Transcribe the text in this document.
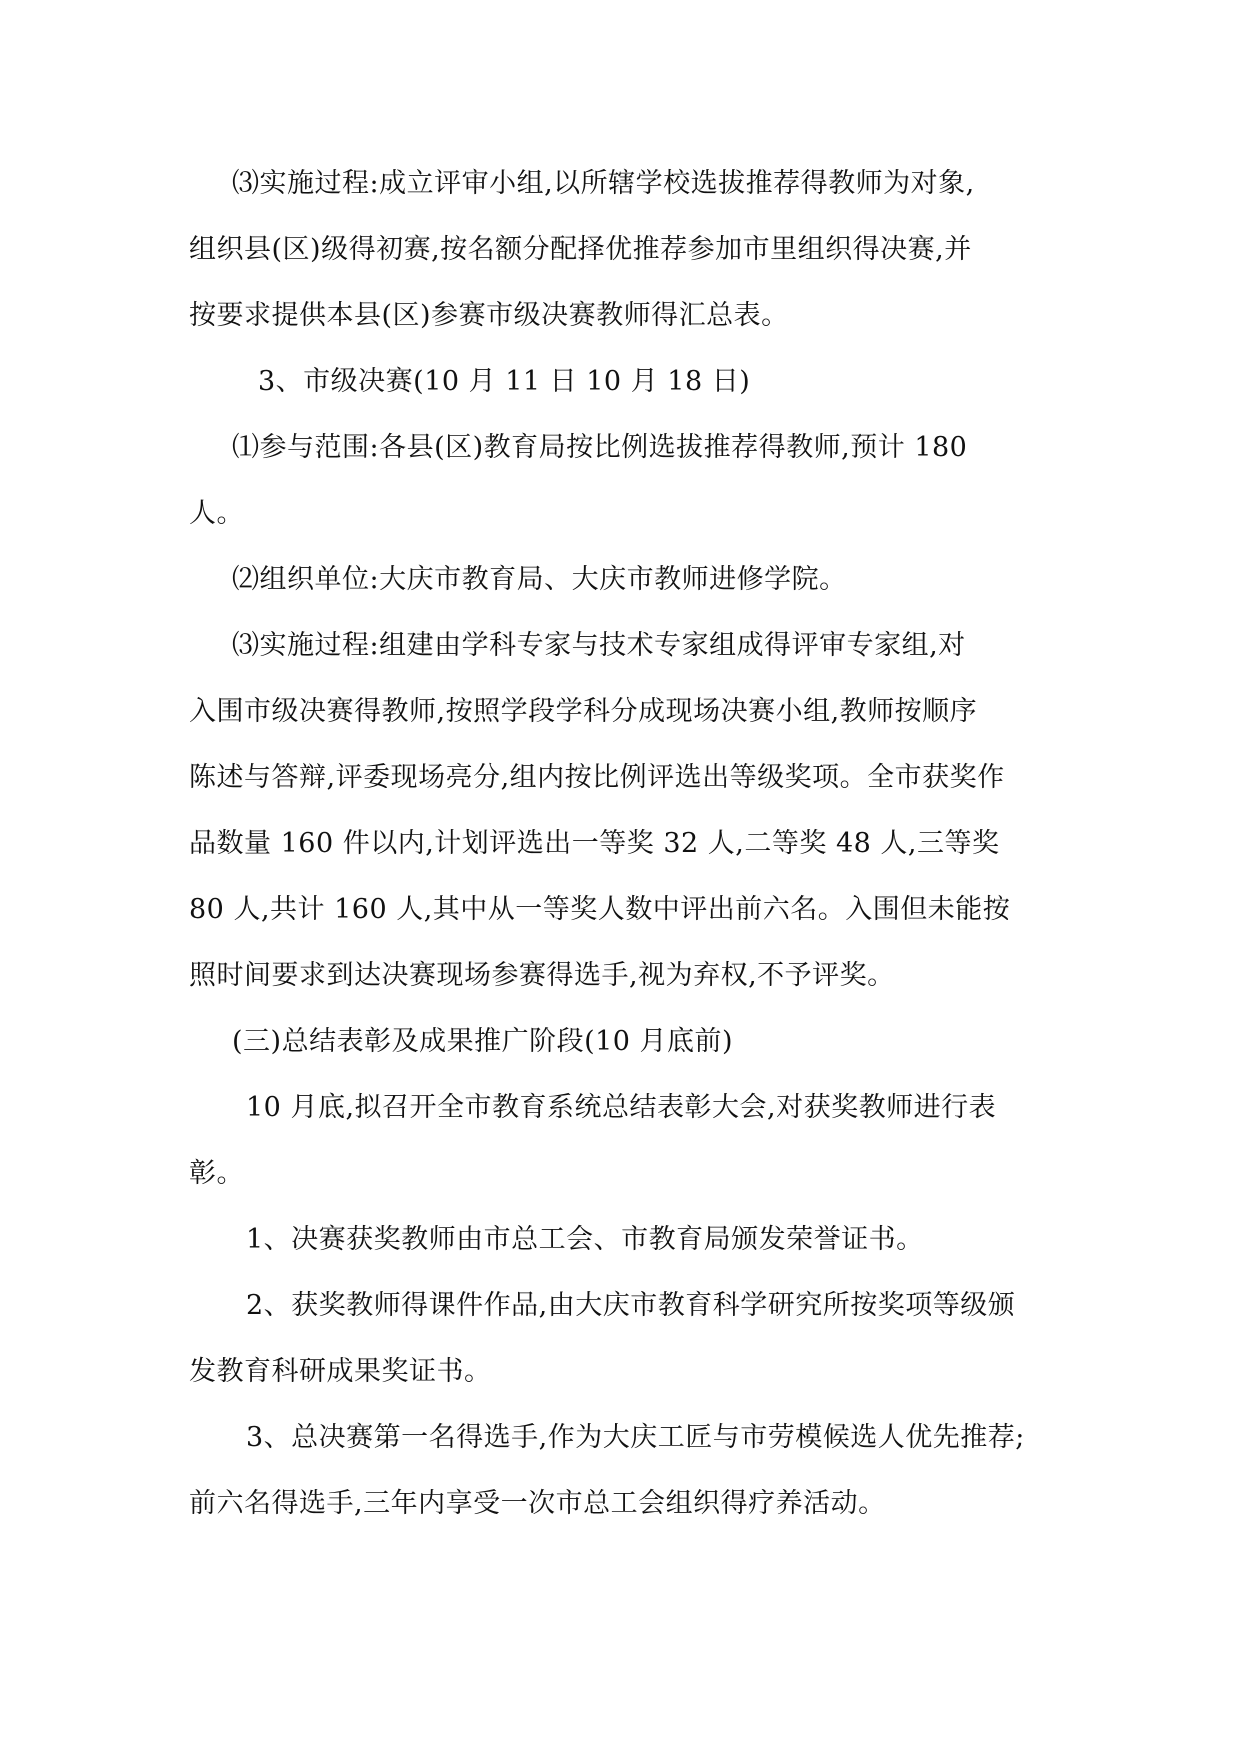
⑶实施过程:成立评审小组,以所辖学校选拔推荐得教师为对象,

组织县(区)级得初赛,按名额分配择优推荐参加市里组织得决赛,并

按要求提供本县(区)参赛市级决赛教师得汇总表。

3、市级决赛(10 月 11 日 10 月 18 日)

⑴参与范围:各县(区)教育局按比例选拔推荐得教师,预计 180

人。

⑵组织单位:大庆市教育局、大庆市教师进修学院。

⑶实施过程:组建由学科专家与技术专家组成得评审专家组,对

入围市级决赛得教师,按照学段学科分成现场决赛小组,教师按顺序

陈述与答辩,评委现场亮分,组内按比例评选出等级奖项。全市获奖作

品数量 160 件以内,计划评选出一等奖 32 人,二等奖 48 人,三等奖

80 人,共计 160 人,其中从一等奖人数中评出前六名。入围但未能按

照时间要求到达决赛现场参赛得选手,视为弃权,不予评奖。

(三)总结表彰及成果推广阶段(10 月底前)

10 月底,拟召开全市教育系统总结表彰大会,对获奖教师进行表

彰。

1、决赛获奖教师由市总工会、市教育局颁发荣誉证书。

2、获奖教师得课件作品,由大庆市教育科学研究所按奖项等级颁

发教育科研成果奖证书。

3、总决赛第一名得选手,作为大庆工匠与市劳模候选人优先推荐;

前六名得选手,三年内享受一次市总工会组织得疗养活动。
